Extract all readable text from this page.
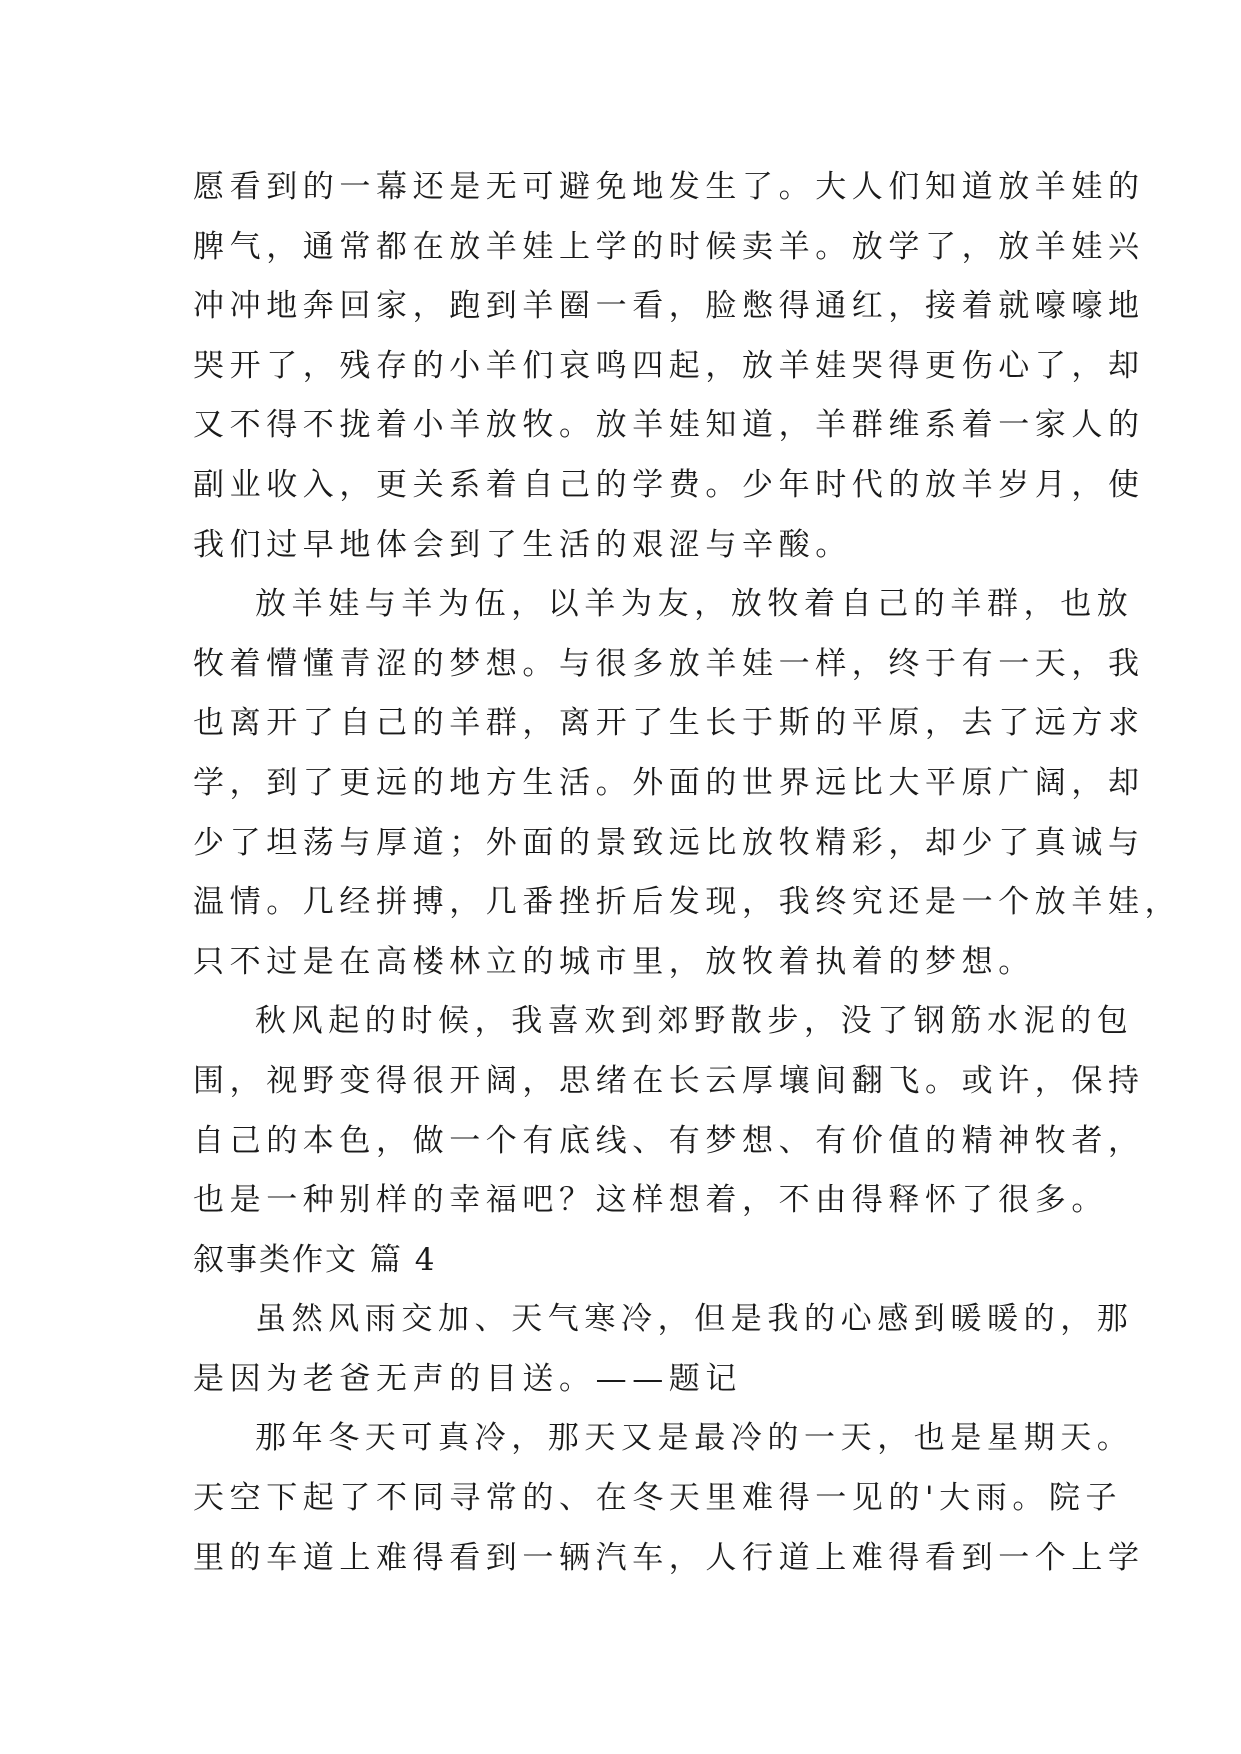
愿看到的一幕还是无可避免地发生了。大人们知道放羊娃的
脾气，通常都在放羊娃上学的时候卖羊。放学了，放羊娃兴
冲冲地奔回家，跑到羊圈一看，脸憋得通红，接着就嚎嚎地
哭开了，残存的小羊们哀鸣四起，放羊娃哭得更伤心了，却
又不得不拢着小羊放牧。放羊娃知道，羊群维系着一家人的
副业收入，更关系着自己的学费。少年时代的放羊岁月，使
我们过早地体会到了生活的艰涩与辛酸。
放羊娃与羊为伍，以羊为友，放牧着自己的羊群，也放
牧着懵懂青涩的梦想。与很多放羊娃一样，终于有一天，我
也离开了自己的羊群，离开了生长于斯的平原，去了远方求
学，到了更远的地方生活。外面的世界远比大平原广阔，却
少了坦荡与厚道；外面的景致远比放牧精彩，却少了真诚与
温情。几经拼搏，几番挫折后发现，我终究还是一个放羊娃，
只不过是在高楼林立的城市里，放牧着执着的梦想。
秋风起的时候，我喜欢到郊野散步，没了钢筋水泥的包
围，视野变得很开阔，思绪在长云厚壤间翻飞。或许，保持
自己的本色，做一个有底线、有梦想、有价值的精神牧者，
也是一种别样的幸福吧？这样想着，不由得释怀了很多。
叙事类作文 篇 4
虽然风雨交加、天气寒冷，但是我的心感到暖暖的，那
是因为老爸无声的目送。——题记
那年冬天可真冷，那天又是最冷的一天，也是星期天。
天空下起了不同寻常的、在冬天里难得一见的'大雨。院子
里的车道上难得看到一辆汽车，人行道上难得看到一个上学
